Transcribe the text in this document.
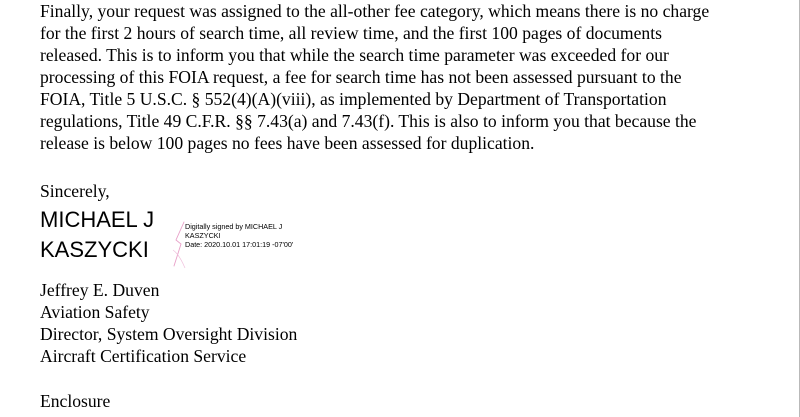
Finally, your request was assigned to the all-other fee category, which means there is no charge
for the first 2 hours of search time, all review time, and the first 100 pages of documents
released. This is to inform you that while the search time parameter was exceeded for our
processing of this FOIA request, a fee for search time has not been assessed pursuant to the
FOIA, Title 5 U.S.C. § 552(4)(A)(viii), as implemented by Department of Transportation
regulations, Title 49 C.F.R. §§ 7.43(a) and 7.43(f). This is also to inform you that because the
release is below 100 pages no fees have been assessed for duplication.
Sincerely,
MICHAEL J
KASZYCKI
Digitally signed by MICHAEL J
KASZYCKI
Date: 2020.10.01 17:01:19 -07'00'
Jeffrey E. Duven
Aviation Safety
Director, System Oversight Division
Aircraft Certification Service
Enclosure
